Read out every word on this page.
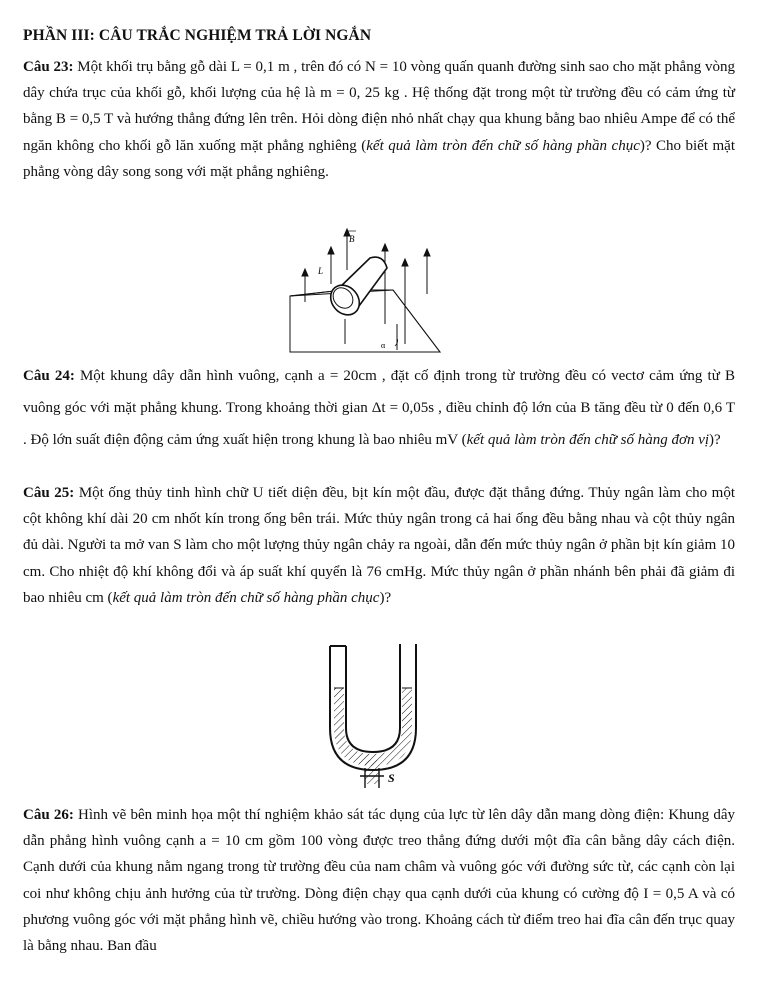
PHẦN III: CÂU TRẮC NGHIỆM TRẢ LỜI NGẮN
Câu 23: Một khối trụ bằng gỗ dài L = 0,1 m , trên đó có N = 10 vòng quấn quanh đường sinh sao cho mặt phẳng vòng dây chứa trục của khối gỗ, khối lượng của hệ là m = 0, 25 kg . Hệ thống đặt trong một từ trường đều có cảm ứng từ bằng B = 0,5 T và hướng thẳng đứng lên trên. Hỏi dòng điện nhỏ nhất chạy qua khung bằng bao nhiêu Ampe để có thể ngăn không cho khối gỗ lăn xuống mặt phẳng nghiêng (kết quả làm tròn đến chữ số hàng phần chục)? Cho biết mặt phẳng vòng dây song song với mặt phẳng nghiêng.
B
L
α
Câu 24: Một khung dây dẫn hình vuông, cạnh a = 20cm , đặt cố định trong từ trường đều có vectơ cảm ứng từ B vuông góc với mặt phẳng khung. Trong khoảng thời gian Δt = 0,05s , điều chỉnh độ lớn của B tăng đều từ 0 đến 0,6 T . Độ lớn suất điện động cảm ứng xuất hiện trong khung là bao nhiêu mV (kết quả làm tròn đến chữ số hàng đơn vị)?
Câu 25: Một ống thủy tinh hình chữ U tiết diện đều, bịt kín một đầu, được đặt thẳng đứng. Thủy ngân làm cho một cột không khí dài 20 cm nhốt kín trong ống bên trái. Mức thủy ngân trong cả hai ống đều bằng nhau và cột thủy ngân đủ dài. Người ta mở van S làm cho một lượng thủy ngân chảy ra ngoài, dẫn đến mức thủy ngân ở phần bịt kín giảm 10 cm. Cho nhiệt độ khí không đổi và áp suất khí quyển là 76 cmHg. Mức thủy ngân ở phần nhánh bên phải đã giảm đi bao nhiêu cm (kết quả làm tròn đến chữ số hàng phần chục)?
S
Câu 26: Hình vẽ bên minh họa một thí nghiệm khảo sát tác dụng của lực từ lên dây dẫn mang dòng điện: Khung dây dẫn phẳng hình vuông cạnh a = 10 cm gồm 100 vòng được treo thẳng đứng dưới một đĩa cân bằng dây cách điện. Cạnh dưới của khung nằm ngang trong từ trường đều của nam châm và vuông góc với đường sức từ, các cạnh còn lại coi như không chịu ảnh hưởng của từ trường. Dòng điện chạy qua cạnh dưới của khung có cường độ I = 0,5 A và có phương vuông góc với mặt phẳng hình vẽ, chiều hướng vào trong. Khoảng cách từ điểm treo hai đĩa cân đến trục quay là bằng nhau. Ban đầu
